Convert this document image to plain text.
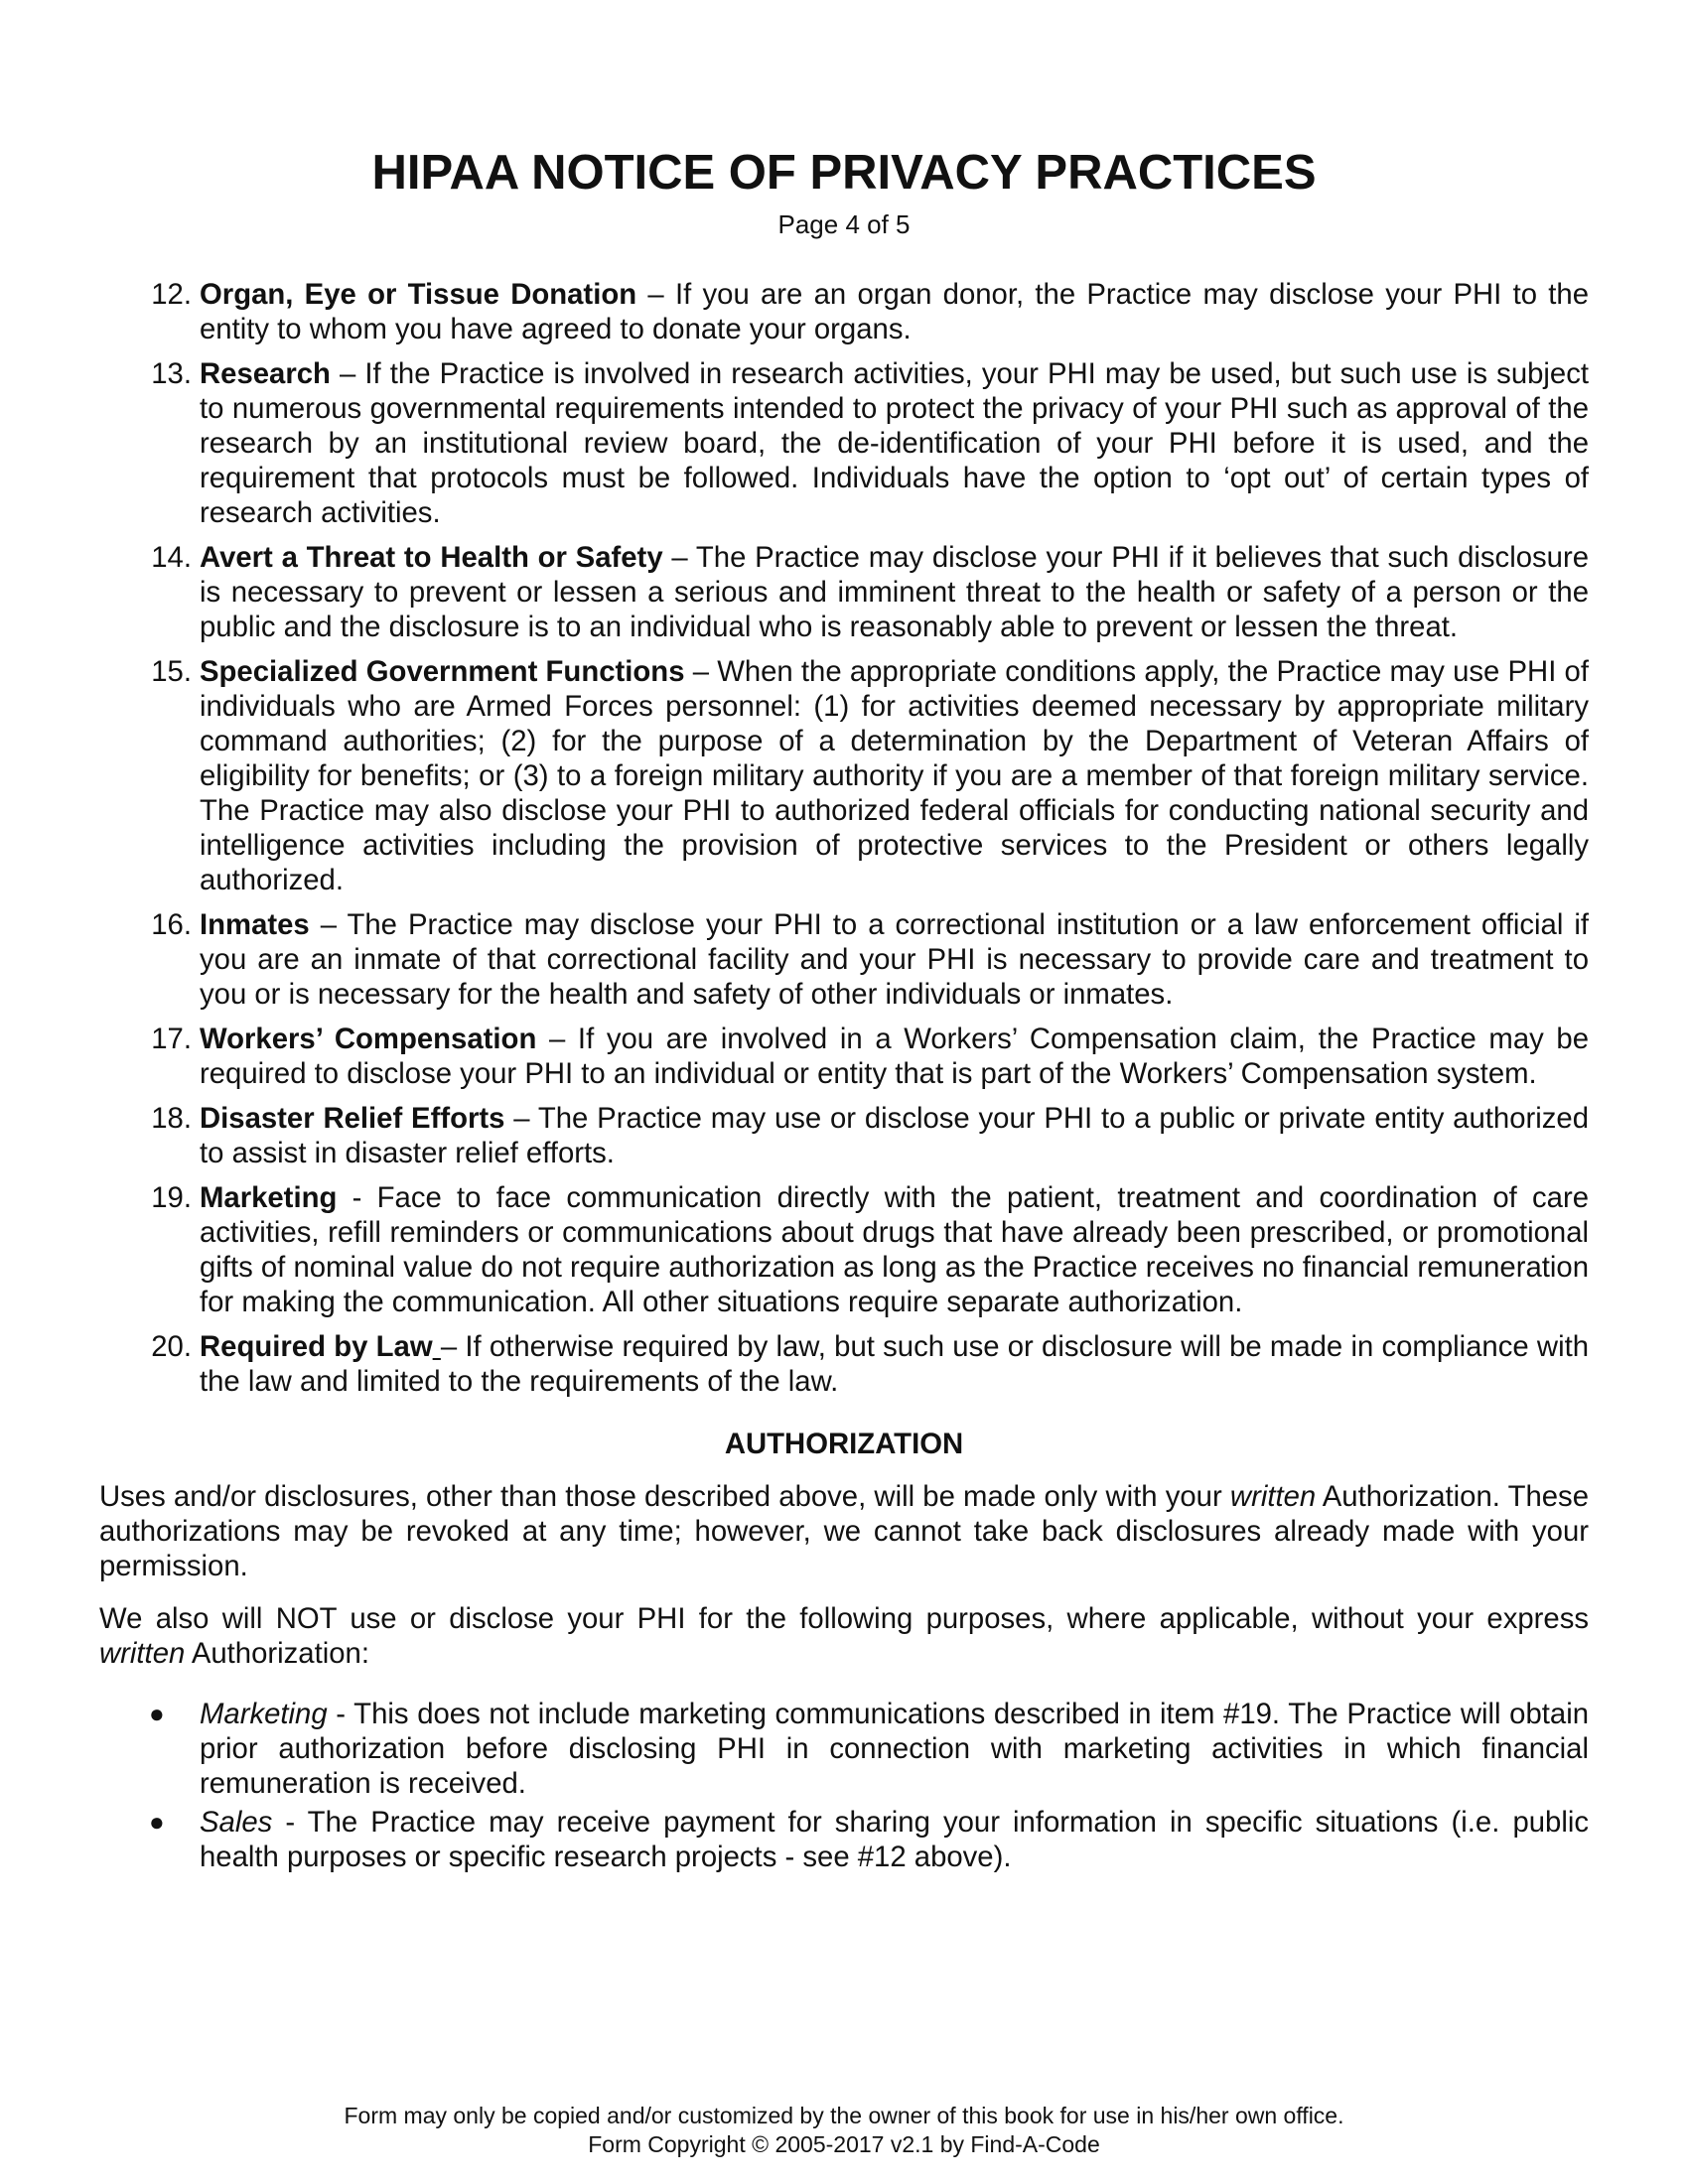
HIPAA NOTICE OF PRIVACY PRACTICES
Page 4 of 5
12. Organ, Eye or Tissue Donation – If you are an organ donor, the Practice may disclose your PHI to the entity to whom you have agreed to donate your organs.
13. Research – If the Practice is involved in research activities, your PHI may be used, but such use is subject to numerous governmental requirements intended to protect the privacy of your PHI such as approval of the research by an institutional review board, the de-identification of your PHI before it is used, and the requirement that protocols must be followed. Individuals have the option to ‘opt out’ of certain types of research activities.
14. Avert a Threat to Health or Safety – The Practice may disclose your PHI if it believes that such disclosure is necessary to prevent or lessen a serious and imminent threat to the health or safety of a person or the public and the disclosure is to an individual who is reasonably able to prevent or lessen the threat.
15. Specialized Government Functions – When the appropriate conditions apply, the Practice may use PHI of individuals who are Armed Forces personnel: (1) for activities deemed necessary by appropriate military command authorities; (2) for the purpose of a determination by the Department of Veteran Affairs of eligibility for benefits; or (3) to a foreign military authority if you are a member of that foreign military service. The Practice may also disclose your PHI to authorized federal officials for conducting national security and intelligence activities including the provision of protective services to the President or others legally authorized.
16. Inmates – The Practice may disclose your PHI to a correctional institution or a law enforcement official if you are an inmate of that correctional facility and your PHI is necessary to provide care and treatment to you or is necessary for the health and safety of other individuals or inmates.
17. Workers’ Compensation – If you are involved in a Workers’ Compensation claim, the Practice may be required to disclose your PHI to an individual or entity that is part of the Workers’ Compensation system.
18. Disaster Relief Efforts – The Practice may use or disclose your PHI to a public or private entity authorized to assist in disaster relief efforts.
19. Marketing - Face to face communication directly with the patient, treatment and coordination of care activities, refill reminders or communications about drugs that have already been prescribed, or promotional gifts of nominal value do not require authorization as long as the Practice receives no financial remuneration for making the communication. All other situations require separate authorization.
20. Required by Law – If otherwise required by law, but such use or disclosure will be made in compliance with the law and limited to the requirements of the law.
AUTHORIZATION

Uses and/or disclosures, other than those described above, will be made only with your written Authorization. These authorizations may be revoked at any time; however, we cannot take back disclosures already made with your permission.

We also will NOT use or disclose your PHI for the following purposes, where applicable, without your express written Authorization:

● Marketing - This does not include marketing communications described in item #19. The Practice will obtain prior authorization before disclosing PHI in connection with marketing activities in which financial remuneration is received.
● Sales - The Practice may receive payment for sharing your information in specific situations (i.e. public health purposes or specific research projects - see #12 above).
Form may only be copied and/or customized by the owner of this book for use in his/her own office.
Form Copyright © 2005-2017 v2.1 by Find-A-Code
